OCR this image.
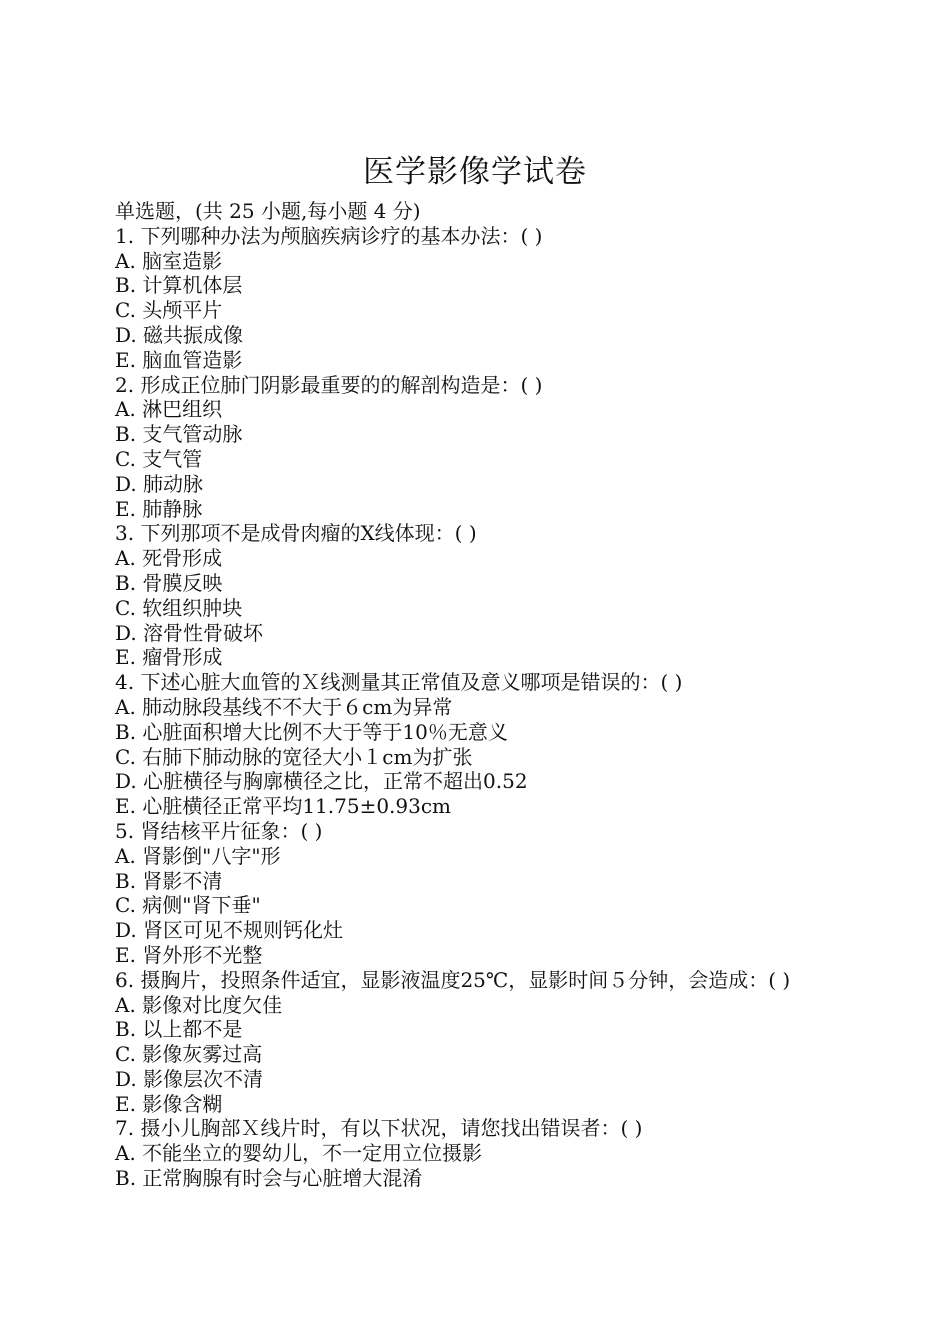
医学影像学试卷
单选题，(共 25 小题,每小题 4 分)
1. 下列哪种办法为颅脑疾病诊疗的基本办法：( )
A. 脑室造影
B. 计算机体层
C. 头颅平片
D. 磁共振成像
E. 脑血管造影
2. 形成正位肺门阴影最重要的的解剖构造是：( )
A. 淋巴组织
B. 支气管动脉
C. 支气管
D. 肺动脉
E. 肺静脉
3. 下列那项不是成骨肉瘤的X线体现：( )
A. 死骨形成
B. 骨膜反映
C. 软组织肿块
D. 溶骨性骨破坏
E. 瘤骨形成
4. 下述心脏大血管的Ｘ线测量其正常值及意义哪项是错误的：( )
A. 肺动脉段基线不不大于６cm为异常
B. 心脏面积增大比例不大于等于10％无意义
C. 右肺下肺动脉的宽径大小１cm为扩张
D. 心脏横径与胸廓横径之比，正常不超出0.52
E. 心脏横径正常平均11.75±0.93cm
5. 肾结核平片征象：( )
A. 肾影倒"八字"形
B. 肾影不清
C. 病侧"肾下垂"
D. 肾区可见不规则钙化灶
E. 肾外形不光整
6. 摄胸片，投照条件适宜，显影液温度25℃，显影时间５分钟，会造成：( )
A. 影像对比度欠佳
B. 以上都不是
C. 影像灰雾过高
D. 影像层次不清
E. 影像含糊
7. 摄小儿胸部Ｘ线片时，有以下状况，请您找出错误者：( )
A. 不能坐立的婴幼儿，不一定用立位摄影
B. 正常胸腺有时会与心脏增大混淆
